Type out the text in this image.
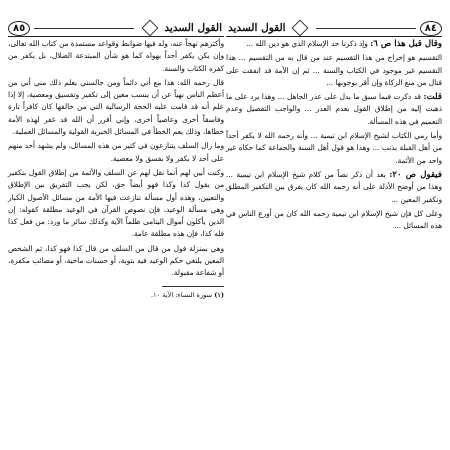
٨٥	القول السديد

وأكثرهم نهجاً عنه، وله فيها ضوابط وقواعد مستمدة من كتاب الله تعالى، وإن يكن يكفر أحداً بهواه كما هو شأن المبتدعة الضلال، بل يكفر من كفره الكتاب والسنة.

قال رحمه الله: هذا مع أني دائماً ومن جالسني يعلم ذلك مني أني من أعظم الناس نهياً عن أن ينسب معين إلى تكفير وتفسيق ومعصية، إلا إذا علم أنه قد قامت عليه الحجة الرسالية التي من خالفها كان كافراً تارة وفاسقاً أخرى وعاصياً أخرى، وإني أقرر أن الله قد غفر لهذه الأمة خطاها، وذلك يعم الخطأ في المسائل الخبرية القولية والمسائل العملية.

وما زال السلف يتنازعون في كثير من هذه المسائل، ولم يشهد أحد منهم على أحد لا بكفر ولا بفسق ولا معصية.

وكنت أبين لهم أنما نقل لهم عن السلف والأئمة من إطلاق القول بتكفير من يقول كذا وكذا فهو أيضاً حق، لكن يجب التفريق بين الإطلاق والتعيين، وهذه أول مسألة تنازعت فيها الأمة من مسائل الأصول الكبار وهي مسألة الوعيد، فإن نصوص القرآن في الوعيد مطلقة كقوله: إن الذين يأكلون أموال اليتامى ظلماً الآية وكذلك سائر ما ورد: من فعل كذا فله كذا، فإن هذه مطلقة عامة.

وهي بمنزلة قول من قال من السلف من قال كذا فهو كذا، ثم الشخص المعين يلتغي حكم الوعيد فيه بتوبة، أو حسنات ماحية، أو مصائب مكفرة، أو شفاعة مقبولة.

(١) سورة النساء: الآية ١٠.
القول السديد	٨٤

وقال قبل هذا ص ٦: وإذ ذكرنا حد الإسلام الذي هو دين الله ...

التقسيم هو إخراج من هذا التقسيم عند من قال به من التقسيم ... هذا التقسيم غير موجود في الكتاب والسنة ... ثم إن الأمة قد اتفقت على قتال من منع الزكاة وإن أقر بوجوبها ...

قلت: قد ذكرت فيما سبق ما يدل على عذر الجاهل ... وهذا يرد على ما ذهبت إليه من إطلاق القول بعدم العذر ... والواجب التفصيل وعدم التعميم في هذه المسألة.

وأما رمي الكتاب لشيخ الإسلام ابن تيمية ... وأنه رحمه الله لا يكفر أحداً من أهل القبلة بذنب ... وهذا هو قول أهل السنة والجماعة كما حكاه غير واحد من الأئمة.

فيقول ص ٢٠: بعد أن ذكر نصاً من كلام شيخ الإسلام ابن تيمية ... وهذا من أوضح الأدلة على أنه رحمه الله كان يفرق بين التكفير المطلق وتكفير المعين ...

وعلى كل فإن شيخ الإسلام ابن تيمية رحمه الله كان من أورع الناس في هذه المسائل ...
